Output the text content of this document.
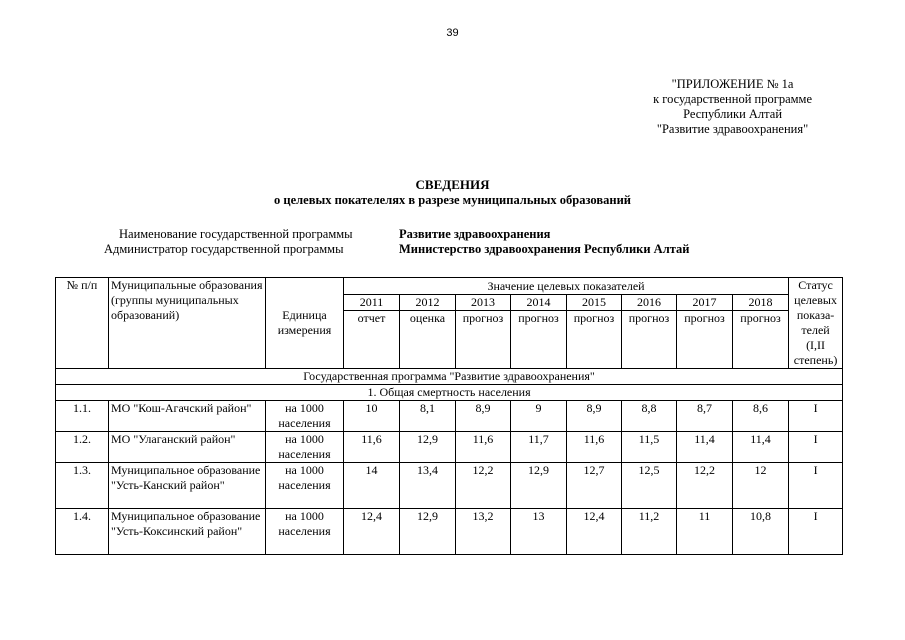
39
"ПРИЛОЖЕНИЕ № 1а
к государственной программе
Республики Алтай
"Развитие здравоохранения"
СВЕДЕНИЯ
о целевых покателелях в разрезе муниципальных образований
Наименование государственной программы	Развитие здравоохранения
Администратор государственной программы	Министерство здравоохранения Республики Алтай
№ п/п	Муниципальные образования (группы муниципальных образований)	Единица измерения	Значение целевых показателей								Статус целевых показа-телей (I,II степень)
			2011	2012	2013	2014	2015	2016	2017	2018	
			отчет	оценка	прогноз	прогноз	прогноз	прогноз	прогноз	прогноз	
Государственная программа "Развитие здравоохранения"											
1. Общая смертность населения											
1.1.	МО "Кош-Агачский район"	на 1000 населения	10	8,1	8,9	9	8,9	8,8	8,7	8,6	I
1.2.	МО "Улаганский район"	на 1000 населения	11,6	12,9	11,6	11,7	11,6	11,5	11,4	11,4	I
1.3.	Муниципальное образование "Усть-Канский район"	на 1000 населения	14	13,4	12,2	12,9	12,7	12,5	12,2	12	I
1.4.	Муниципальное образование "Усть-Коксинский район"	на 1000 населения	12,4	12,9	13,2	13	12,4	11,2	11	10,8	I
